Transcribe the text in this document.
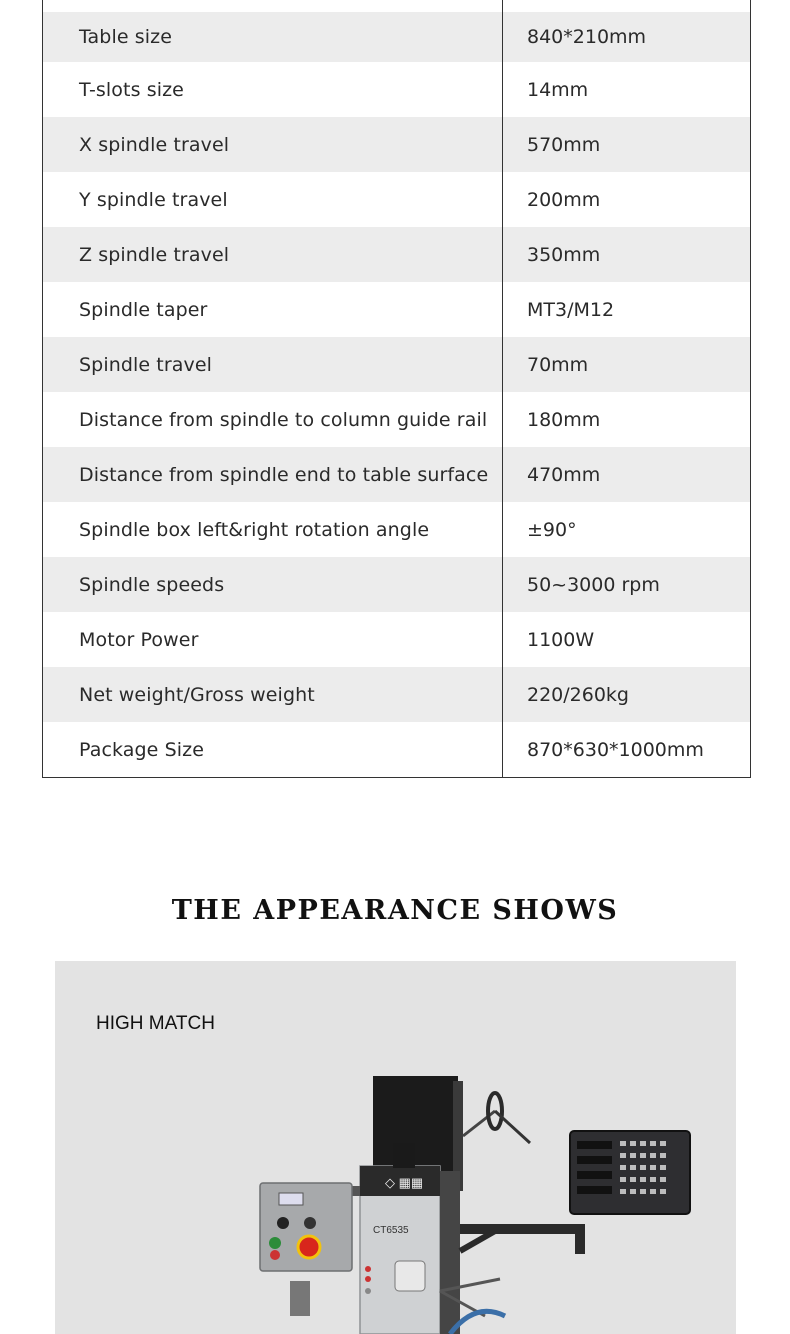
Table size	840*210mm
T-slots size	14mm
X spindle travel	570mm
Y spindle travel	200mm
Z spindle travel	350mm
Spindle taper	MT3/M12
Spindle travel	70mm
Distance from spindle to column guide rail 180mm
Distance from spindle end to table surface 470mm
Spindle box left&right rotation angle	±90°
Spindle speeds	50~3000 rpm
Motor Power	1100W
Net weight/Gross weight	220/260kg
Package Size	870*630*1000mm
THE APPEARANCE SHOWS
HIGH MATCH
◇ ▦▦
CT6535
